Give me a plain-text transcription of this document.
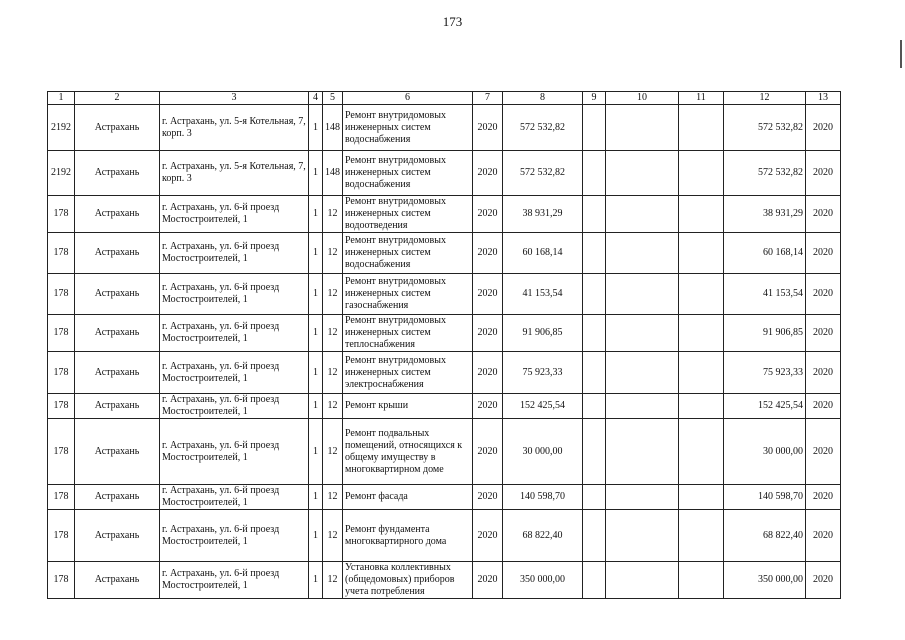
173
1	2	3	4	5	6	7	8	9	10	11	12	13
2192	Астрахань	г. Астрахань, ул. 5-я Котельная, 7, корп. 3	1	148	Ремонт внутридомовых инженерных систем водоснабжения	2020	572 532,82				572 532,82	2020
2192	Астрахань	г. Астрахань, ул. 5-я Котельная, 7, корп. 3	1	148	Ремонт внутридомовых инженерных систем водоснабжения	2020	572 532,82				572 532,82	2020
178	Астрахань	г. Астрахань, ул. 6-й проезд Мостостроителей, 1	1	12	Ремонт внутридомовых инженерных систем водоотведения	2020	38 931,29				38 931,29	2020
178	Астрахань	г. Астрахань, ул. 6-й проезд Мостостроителей, 1	1	12	Ремонт внутридомовых инженерных систем водоснабжения	2020	60 168,14				60 168,14	2020
178	Астрахань	г. Астрахань, ул. 6-й проезд Мостостроителей, 1	1	12	Ремонт внутридомовых инженерных систем газоснабжения	2020	41 153,54				41 153,54	2020
178	Астрахань	г. Астрахань, ул. 6-й проезд Мостостроителей, 1	1	12	Ремонт внутридомовых инженерных систем теплоснабжения	2020	91 906,85				91 906,85	2020
178	Астрахань	г. Астрахань, ул. 6-й проезд Мостостроителей, 1	1	12	Ремонт внутридомовых инженерных систем электроснабжения	2020	75 923,33				75 923,33	2020
178	Астрахань	г. Астрахань, ул. 6-й проезд Мостостроителей, 1	1	12	Ремонт крыши	2020	152 425,54				152 425,54	2020
178	Астрахань	г. Астрахань, ул. 6-й проезд Мостостроителей, 1	1	12	Ремонт подвальных помещений, относящихся к общему имуществу в многоквартирном доме	2020	30 000,00				30 000,00	2020
178	Астрахань	г. Астрахань, ул. 6-й проезд Мостостроителей, 1	1	12	Ремонт фасада	2020	140 598,70				140 598,70	2020
178	Астрахань	г. Астрахань, ул. 6-й проезд Мостостроителей, 1	1	12	Ремонт фундамента многоквартирного дома	2020	68 822,40				68 822,40	2020
178	Астрахань	г. Астрахань, ул. 6-й проезд Мостостроителей, 1	1	12	Установка коллективных (общедомовых) приборов учета потребления	2020	350 000,00				350 000,00	2020
